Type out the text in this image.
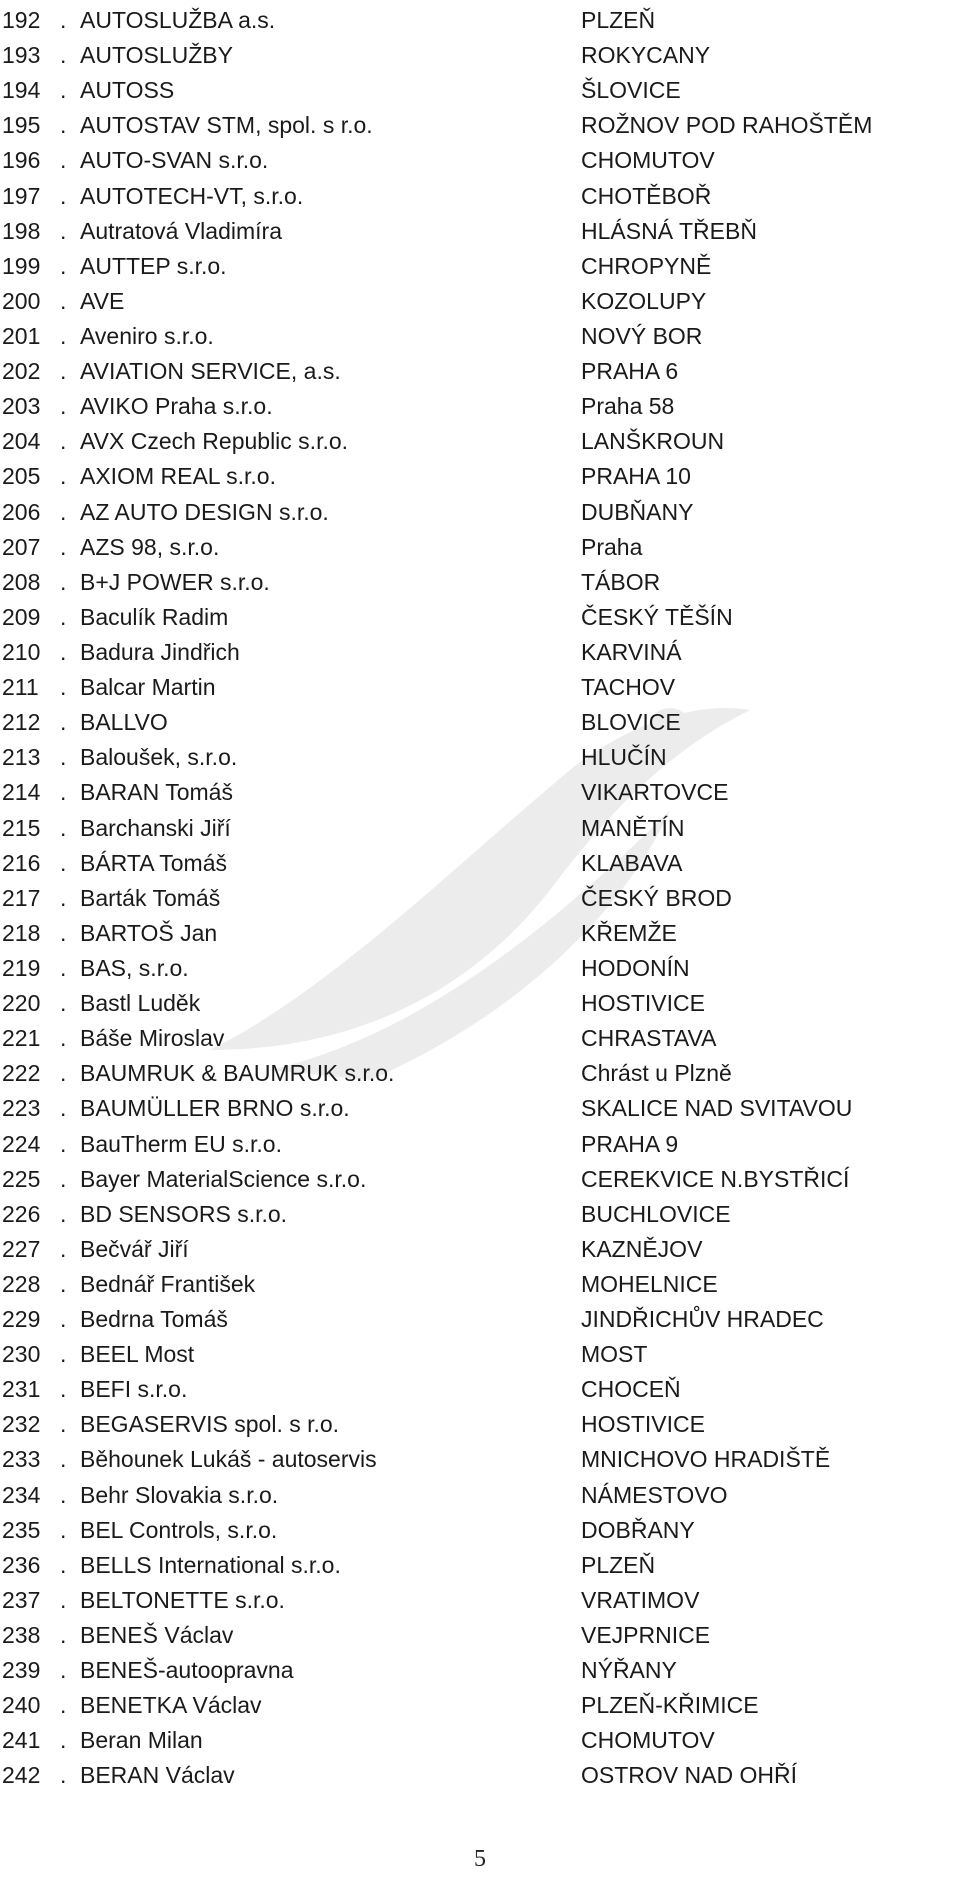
192 . AUTOSLUŽBA a.s.	PLZEŇ
193 . AUTOSLUŽBY	ROKYCANY
194 . AUTOSS	ŠLOVICE
195 . AUTOSTAV STM, spol. s r.o.	ROŽNOV POD RAHOŠTĚM
196 . AUTO-SVAN s.r.o.	CHOMUTOV
197 . AUTOTECH-VT, s.r.o.	CHOTĚBOŘ
198 . Autratová Vladimíra	HLÁSNÁ TŘEBŇ
199 . AUTTEP s.r.o.	CHROPYNĚ
200 . AVE	KOZOLUPY
201 . Aveniro s.r.o.	NOVÝ BOR
202 . AVIATION SERVICE, a.s.	PRAHA 6
203 . AVIKO Praha s.r.o.	Praha 58
204 . AVX Czech Republic s.r.o.	LANŠKROUN
205 . AXIOM REAL s.r.o.	PRAHA 10
206 . AZ AUTO DESIGN s.r.o.	DUBŇANY
207 . AZS 98, s.r.o.	Praha
208 . B+J POWER s.r.o.	TÁBOR
209 . Baculík Radim	ČESKÝ TĚŠÍN
210 . Badura Jindřich	KARVINÁ
211 . Balcar Martin	TACHOV
212 . BALLVO	BLOVICE
213 . Baloušek, s.r.o.	HLUČÍN
214 . BARAN Tomáš	VIKARTOVCE
215 . Barchanski Jiří	MANĚTÍN
216 . BÁRTA Tomáš	KLABAVA
217 . Barták Tomáš	ČESKÝ BROD
218 . BARTOŠ Jan	KŘEMŽE
219 . BAS, s.r.o.	HODONÍN
220 . Bastl Luděk	HOSTIVICE
221 . Báše Miroslav	CHRASTAVA
222 . BAUMRUK & BAUMRUK s.r.o.	Chrást u Plzně
223 . BAUMÜLLER BRNO s.r.o.	SKALICE NAD SVITAVOU
224 . BauTherm EU s.r.o.	PRAHA 9
225 . Bayer MaterialScience s.r.o.	CEREKVICE N.BYSTŘICÍ
226 . BD SENSORS s.r.o.	BUCHLOVICE
227 . Bečvář Jiří	KAZNĚJOV
228 . Bednář František	MOHELNICE
229 . Bedrna Tomáš	JINDŘICHŮV HRADEC
230 . BEEL Most	MOST
231 . BEFI s.r.o.	CHOCEŇ
232 . BEGASERVIS spol. s r.o.	HOSTIVICE
233 . Běhounek Lukáš - autoservis	MNICHOVO HRADIŠTĚ
234 . Behr Slovakia s.r.o.	NÁMESTOVO
235 . BEL Controls, s.r.o.	DOBŘANY
236 . BELLS International s.r.o.	PLZEŇ
237 . BELTONETTE s.r.o.	VRATIMOV
238 . BENEŠ Václav	VEJPRNICE
239 . BENEŠ-autoopravna	NÝŘANY
240 . BENETKA Václav	PLZEŇ-KŘIMICE
241 . Beran Milan	CHOMUTOV
242 . BERAN Václav	OSTROV NAD OHŘÍ
5
